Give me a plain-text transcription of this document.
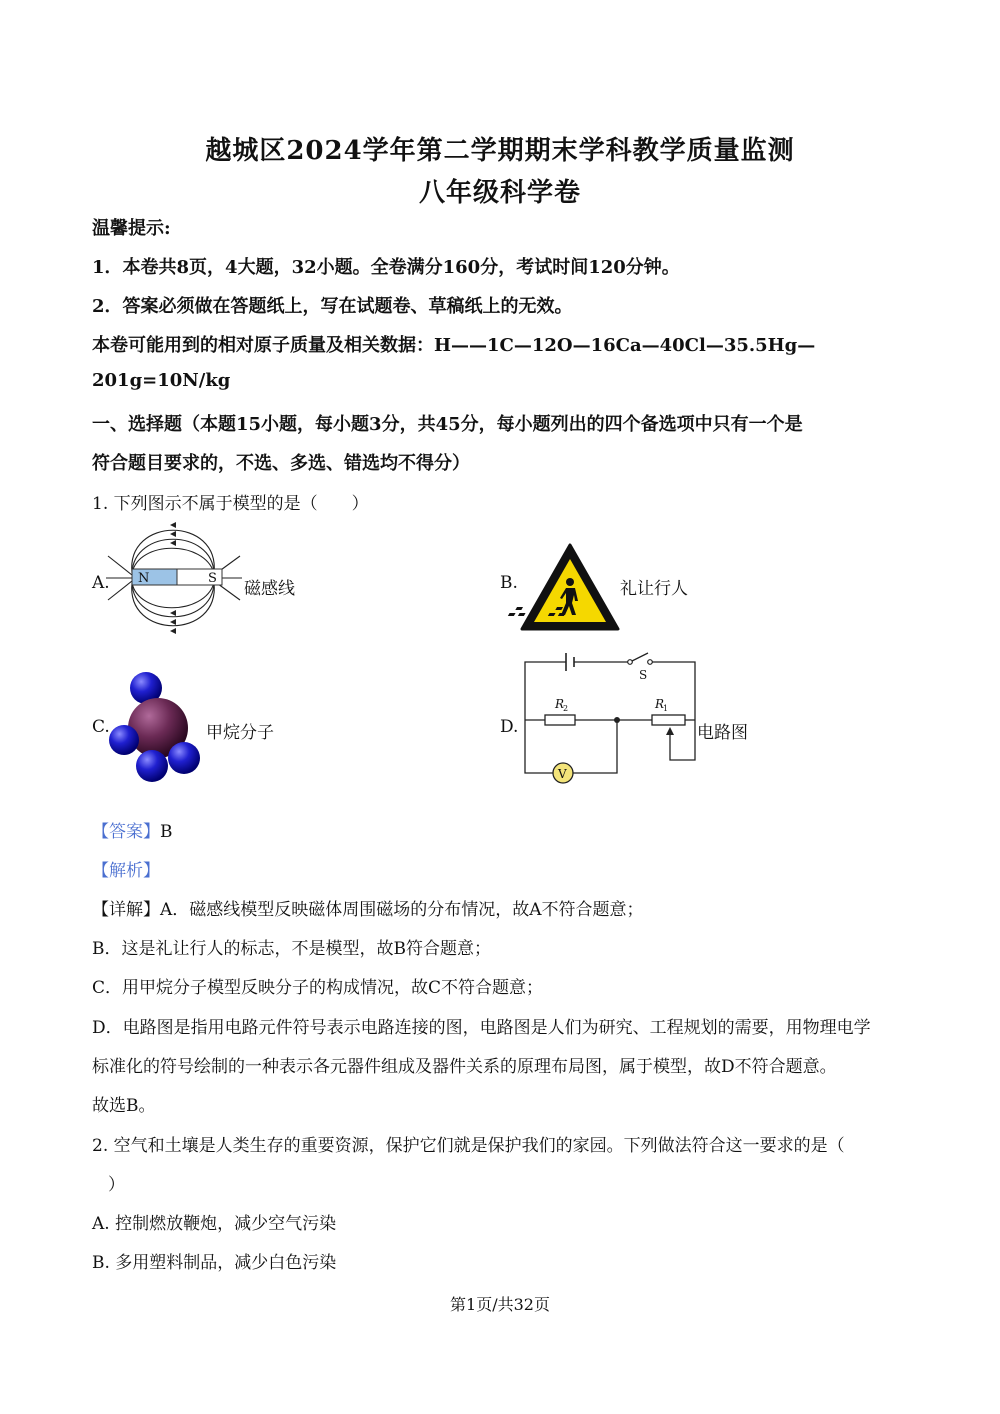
越城区2024学年第二学期期末学科教学质量监测
八年级科学卷
温馨提示:
1．本卷共8页，4大题，32小题。全卷满分160分，考试时间120分钟。
2．答案必须做在答题纸上，写在试题卷、草稿纸上的无效。
本卷可能用到的相对原子质量及相关数据：H——1C—12O—16Ca—40Cl—35.5Hg—
201g=10N/kg
一、选择题（本题15小题，每小题3分，共45分，每小题列出的四个备选项中只有一个是
符合题目要求的，不选、多选、错选均不得分）
1. 下列图示不属于模型的是（　　）
A. N	S
磁感线	B.	礼让行人
C.	甲烷分子	D.
V
S
R
2	R
1
电路图
【答案】B
【解析】
【详解】A．磁感线模型反映磁体周围磁场的分布情况，故A不符合题意；
B．这是礼让行人的标志，不是模型，故B符合题意；
C．用甲烷分子模型反映分子的构成情况，故C不符合题意；
D．电路图是指用电路元件符号表示电路连接的图，电路图是人们为研究、工程规划的需要，用物理电学
标准化的符号绘制的一种表示各元器件组成及器件关系的原理布局图，属于模型，故D不符合题意。
故选B。
2. 空气和土壤是人类生存的重要资源，保护它们就是保护我们的家园。下列做法符合这一要求的是（
）
A. 控制燃放鞭炮，减少空气污染
B. 多用塑料制品，减少白色污染
第1页/共32页
